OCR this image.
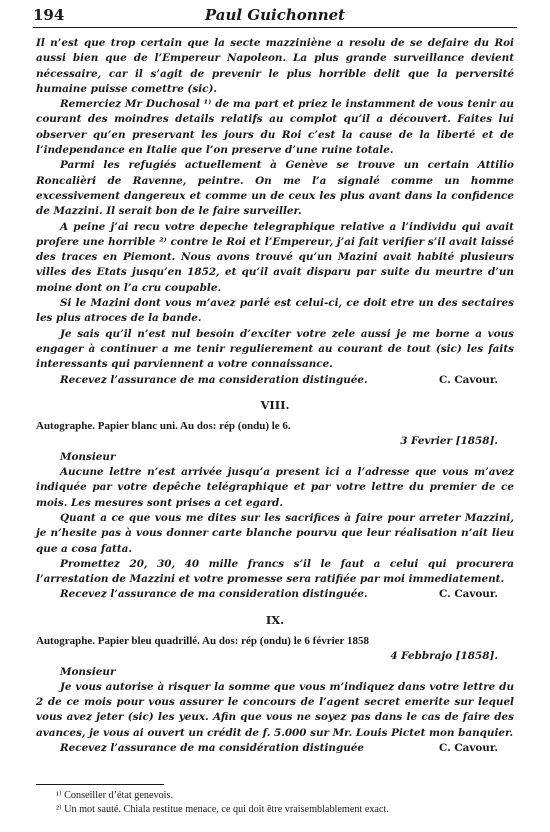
194	Paul Guichonnet

Il n’est que trop certain que la secte mazziniène a resolu de se defaire du Roi aussi bien que de l’Empereur Napoleon. La plus grande surveillance devient nécessaire, car il s’agit de prevenir le plus horrible delit que la perversité humaine puisse comettre (sic).

Remerciez Mr Duchosal ¹⁾ de ma part et priez le instamment de vous tenir au courant des moindres details relatifs au complot qu’il a découvert. Faites lui observer qu’en preservant les jours du Roi c’est la cause de la liberté et de l’independance en Italie que l’on preserve d’une ruine totale.

Parmi les refugiés actuellement à Genève se trouve un certain Attilio Roncalièri de Ravenne, peintre. On me l’a signalé comme un homme excessivement dangereux et comme un de ceux les plus avant dans la confidence de Mazzini. Il serait bon de le faire surveiller.

A peine j’ai recu votre depeche telegraphique relative a l’individu qui avait profere une horrible ²⁾ contre le Roi et l’Empereur, j’ai fait verifier s’il avait laissé des traces en Piemont. Nous avons trouvé qu’un Mazini avait habité plusieurs villes des Etats jusqu’en 1852, et qu’il avait disparu par suite du meurtre d’un moine dont on l’a cru coupable.

Si le Mazini dont vous m’avez parlé est celui-ci, ce doit etre un des sectaires les plus atroces de la bande.

Je sais qu’il n’est nul besoin d’exciter votre zele aussi je me borne a vous engager à continuer a me tenir regulierement au courant de tout (sic) les faits interessants qui parviennent a votre connaissance.

Recevez l’assurance de ma consideration distinguée.	C. Cavour.
VIII.
Autographe. Papier blanc uni. Au dos: rép (ondu) le 6.
3 Fevrier [1858].
Monsieur

Aucune lettre n’est arrivée jusqu’a present ici a l’adresse que vous m’avez indiquée par votre depêche telégraphique et par votre lettre du premier de ce mois. Les mesures sont prises a cet egard.

Quant a ce que vous me dites sur les sacrifices à faire pour arreter Mazzini, je n’hesite pas à vous donner carte blanche pourvu que leur réalisation n’ait lieu que a cosa fatta.

Promettez 20, 30, 40 mille francs s’il le faut a celui qui procurera l’arrestation de Mazzini et votre promesse sera ratifiée par moi immediatement.

Recevez l’assurance de ma consideration distinguée.	C. Cavour.
IX.
Autographe. Papier bleu quadrillé. Au dos: rép (ondu) le 6 février 1858
4 Febbrajo [1858].
Monsieur

Je vous autorise à risquer la somme que vous m’indiquez dans votre lettre du 2 de ce mois pour vous assurer le concours de l’agent secret emerite sur lequel vous avez jeter (sic) les yeux. Afin que vous ne soyez pas dans le cas de faire des avances, je vous ai ouvert un crédit de f. 5.000 sur Mr. Louis Pictet mon banquier.

Recevez l’assurance de ma considération distinguée	C. Cavour.
¹⁾ Conseiller d’état genevois.
²⁾ Un mot sauté. Chiala restitue menace, ce qui doit être vraisemblablement exact.
